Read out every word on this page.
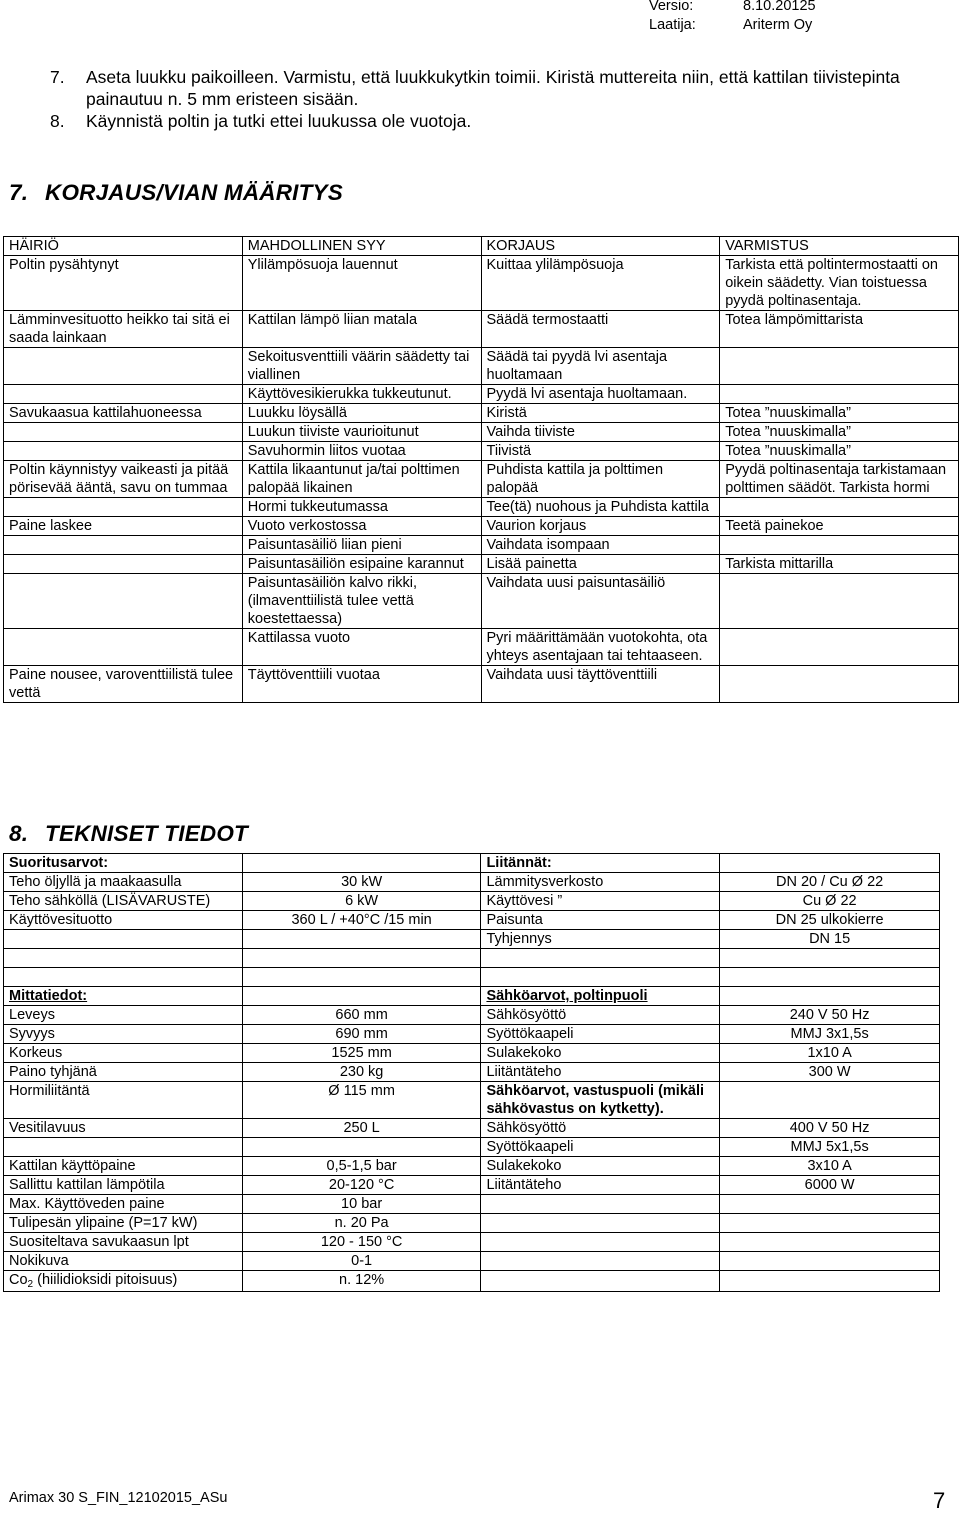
Versio:	8.10.20125
Laatija:	Ariterm Oy
7.	Aseta luukku paikoilleen. Varmistu, että luukkukytkin toimii. Kiristä muttereita niin, että kattilan tiivistepinta painautuu n. 5 mm eristeen sisään.
8.	Käynnistä poltin ja tutki ettei luukussa ole vuotoja.
7. KORJAUS/VIAN MÄÄRITYS
HÄIRIÖ	MAHDOLLINEN SYY	KORJAUS	VARMISTUS
Poltin pysähtynyt	Ylilämpösuoja lauennut	Kuittaa ylilämpösuoja	Tarkista että poltintermostaatti on oikein säädetty. Vian toistuessa pyydä poltinasentaja.
Lämminvesituotto heikko tai sitä ei saada lainkaan	Kattilan lämpö liian matala	Säädä termostaatti	Totea lämpömittarista
	Sekoitusventtiili väärin säädetty tai viallinen	Säädä tai pyydä lvi asentaja huoltamaan	
	Käyttövesikierukka tukkeutunut.	Pyydä lvi asentaja huoltamaan.	
Savukaasua kattilahuoneessa	Luukku löysällä	Kiristä	Totea ”nuuskimalla”
	Luukun tiiviste vaurioitunut	Vaihda tiiviste	Totea ”nuuskimalla”
	Savuhormin liitos vuotaa	Tiivistä	Totea ”nuuskimalla”
Poltin käynnistyy vaikeasti ja pitää pörisevää ääntä, savu on tummaa	Kattila likaantunut ja/tai polttimen palopää likainen	Puhdista kattila ja polttimen palopää	Pyydä poltinasentaja tarkistamaan polttimen säädöt. Tarkista hormi
	Hormi tukkeutumassa	Tee(tä) nuohous ja Puhdista kattila	
Paine laskee	Vuoto verkostossa	Vaurion korjaus	Teetä painekoe
	Paisuntasäiliö liian pieni	Vaihdata isompaan	
	Paisuntasäiliön esipaine karannut	Lisää painetta	Tarkista mittarilla
	Paisuntasäiliön kalvo rikki, (ilmaventtiilistä tulee vettä koestettaessa)	Vaihdata uusi paisuntasäiliö	
	Kattilassa vuoto	Pyri määrittämään vuotokohta, ota yhteys asentajaan tai tehtaaseen.	
Paine nousee, varoventtiilistä tulee vettä	Täyttöventtiili vuotaa	Vaihdata uusi täyttöventtiili	
8. TEKNISET TIEDOT
Suoritusarvot:		Liitännät:	
Teho öljyllä ja maakaasulla	30 kW	Lämmitysverkosto	DN 20 / Cu Ø 22
Teho sähköllä (LISÄVARUSTE)	6 kW	Käyttövesi ”	Cu Ø 22
Käyttövesituotto	360 L / +40°C /15 min	Paisunta	DN 25 ulkokierre
		Tyhjennys	DN 15

Mittatiedot:		Sähköarvot, poltinpuoli	
Leveys	660 mm	Sähkösyöttö	240 V 50 Hz
Syvyys	690 mm	Syöttökaapeli	MMJ 3x1,5s
Korkeus	1525 mm	Sulakekoko	1x10 A
Paino tyhjänä	230 kg	Liitäntäteho	300 W
Hormiliitäntä	Ø 115 mm	Sähköarvot, vastuspuoli (mikäli sähkövastus on kytketty).	
Vesitilavuus	250 L	Sähkösyöttö	400 V 50 Hz
		Syöttökaapeli	MMJ 5x1,5s
Kattilan käyttöpaine	0,5-1,5 bar	Sulakekoko	3x10 A
Sallittu kattilan lämpötila	20-120 °C	Liitäntäteho	6000 W
Max. Käyttöveden paine	10 bar		
Tulipesän ylipaine (P=17 kW)	n. 20 Pa		
Suositeltava savukaasun lpt	120 - 150 °C		
Nokikuva	0-1		
$Co_2$ (hiilidioksidi pitoisuus)	n. 12%		
Arimax 30 S_FIN_12102015_ASu	7
